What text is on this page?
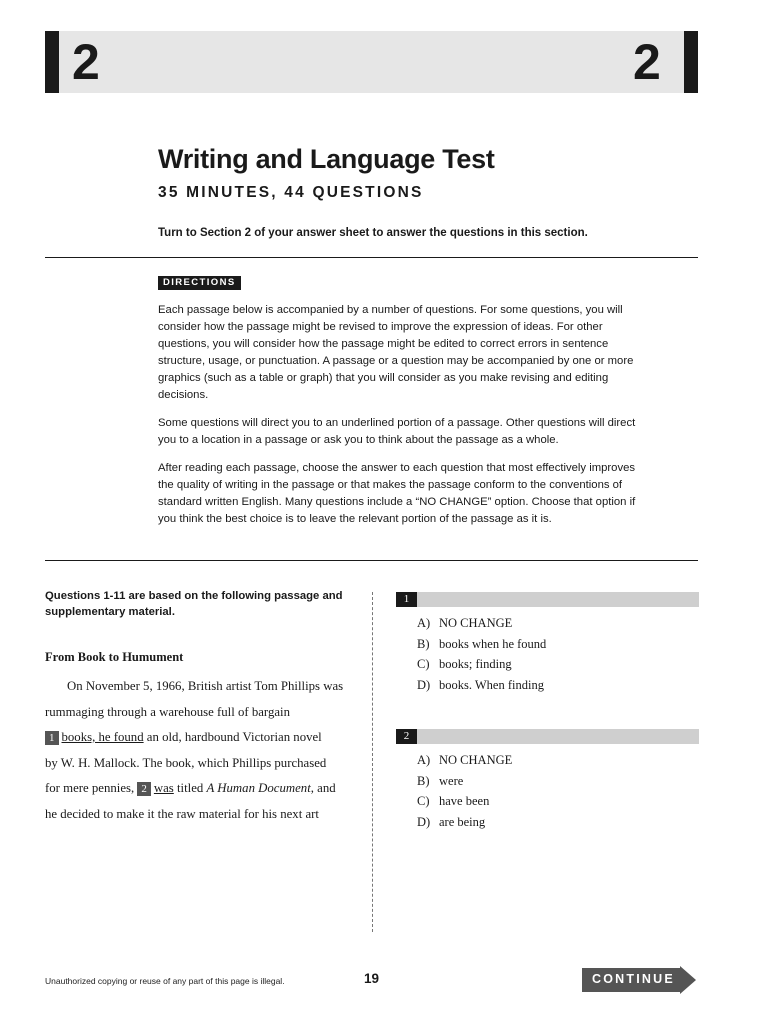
2	2
Writing and Language Test
35 MINUTES, 44 QUESTIONS
Turn to Section 2 of your answer sheet to answer the questions in this section.
DIRECTIONS

Each passage below is accompanied by a number of questions. For some questions, you will consider how the passage might be revised to improve the expression of ideas. For other questions, you will consider how the passage might be edited to correct errors in sentence structure, usage, or punctuation. A passage or a question may be accompanied by one or more graphics (such as a table or graph) that you will consider as you make revising and editing decisions.

Some questions will direct you to an underlined portion of a passage. Other questions will direct you to a location in a passage or ask you to think about the passage as a whole.

After reading each passage, choose the answer to each question that most effectively improves the quality of writing in the passage or that makes the passage conform to the conventions of standard written English. Many questions include a “NO CHANGE” option. Choose that option if you think the best choice is to leave the relevant portion of the passage as it is.

Questions 1-11 are based on the following passage and supplementary material.
From Book to Humument
On November 5, 1966, British artist Tom Phillips was
rummaging through a warehouse full of bargain
1 books, he found an old, hardbound Victorian novel
by W. H. Mallock. The book, which Phillips purchased
for mere pennies, 2 was titled A Human Document, and
he decided to make it the raw material for his next art
1
A) NO CHANGE
B) books when he found
C) books; finding
D) books. When finding
2
A) NO CHANGE
B) were
C) have been
D) are being
Unauthorized copying or reuse of any part of this page is illegal.	19	CONTINUE
